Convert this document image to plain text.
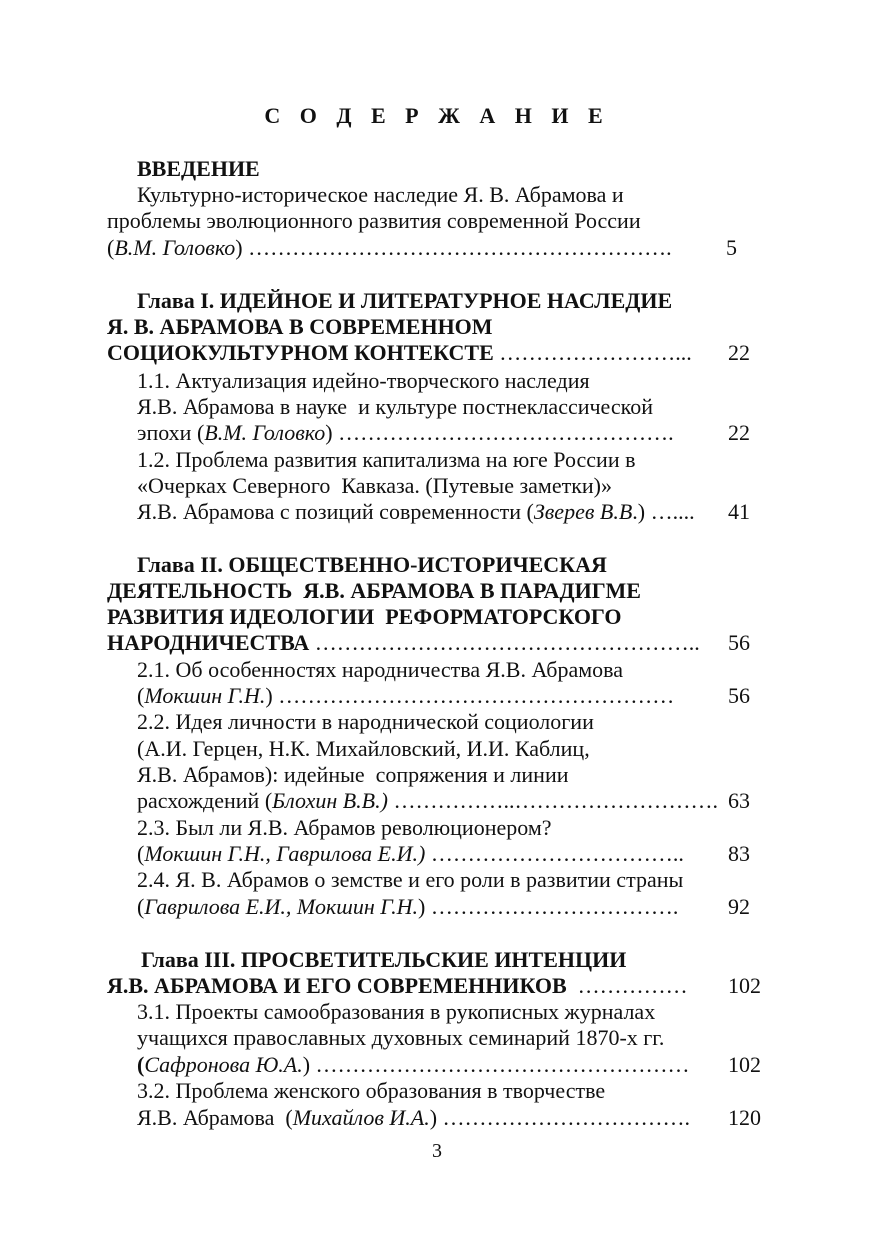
С О Д Е Р Ж А Н И Е
ВВЕДЕНИЕ
Культурно-историческое наследие Я. В. Абрамова и
проблемы эволюционного развития современной России
(В.М. Головко) …………………………………………………. 5
Глава I. ИДЕЙНОЕ И ЛИТЕРАТУРНОЕ НАСЛЕДИЕ
Я. В. АБРАМОВА В СОВРЕМЕННОМ
СОЦИОКУЛЬТУРНОМ КОНТЕКСТЕ ……………………... 22
1.1. Актуализация идейно-творческого наследия
Я.В. Абрамова в науке  и культуре постнеклассической
эпохи (В.М. Головко) ………………………………………. 22
1.2. Проблема развития капитализма на юге России в
«Очерках Северного  Кавказа. (Путевые заметки)»
Я.В. Абрамова с позиций современности (Зверев В.В.) ….... 41
Глава II. ОБЩЕСТВЕННО-ИСТОРИЧЕСКАЯ
ДЕЯТЕЛЬНОСТЬ  Я.В. АБРАМОВА В ПАРАДИГМЕ
РАЗВИТИЯ ИДЕОЛОГИИ  РЕФОРМАТОРСКОГО
НАРОДНИЧЕСТВА …………………………………………….. 56
2.1. Об особенностях народничества Я.В. Абрамова
(Мокшин Г.Н.) ……………………………………………… 56
2.2. Идея личности в народнической социологии
(А.И. Герцен, Н.К. Михайловский, И.И. Каблиц,
Я.В. Абрамов): идейные  сопряжения и линии
расхождений (Блохин В.В.) ……………..………………………. 63
2.3. Был ли Я.В. Абрамов революционером?
(Мокшин Г.Н., Гаврилова Е.И.) …………………………….. 83
2.4. Я. В. Абрамов о земстве и его роли в развитии страны
(Гаврилова Е.И., Мокшин Г.Н.) ……………………………. 92
Глава III. ПРОСВЕТИТЕЛЬСКИЕ ИНТЕНЦИИ
Я.В. АБРАМОВА И ЕГО СОВРЕМЕННИКОВ  …………… 102
3.1. Проекты самообразования в рукописных журналах
учащихся православных духовных семинарий 1870-х гг.
(Сафронова Ю.А.) …………………………………………… 102
3.2. Проблема женского образования в творчестве
Я.В. Абрамова  (Михайлов И.А.) ……………………………. 120
3
